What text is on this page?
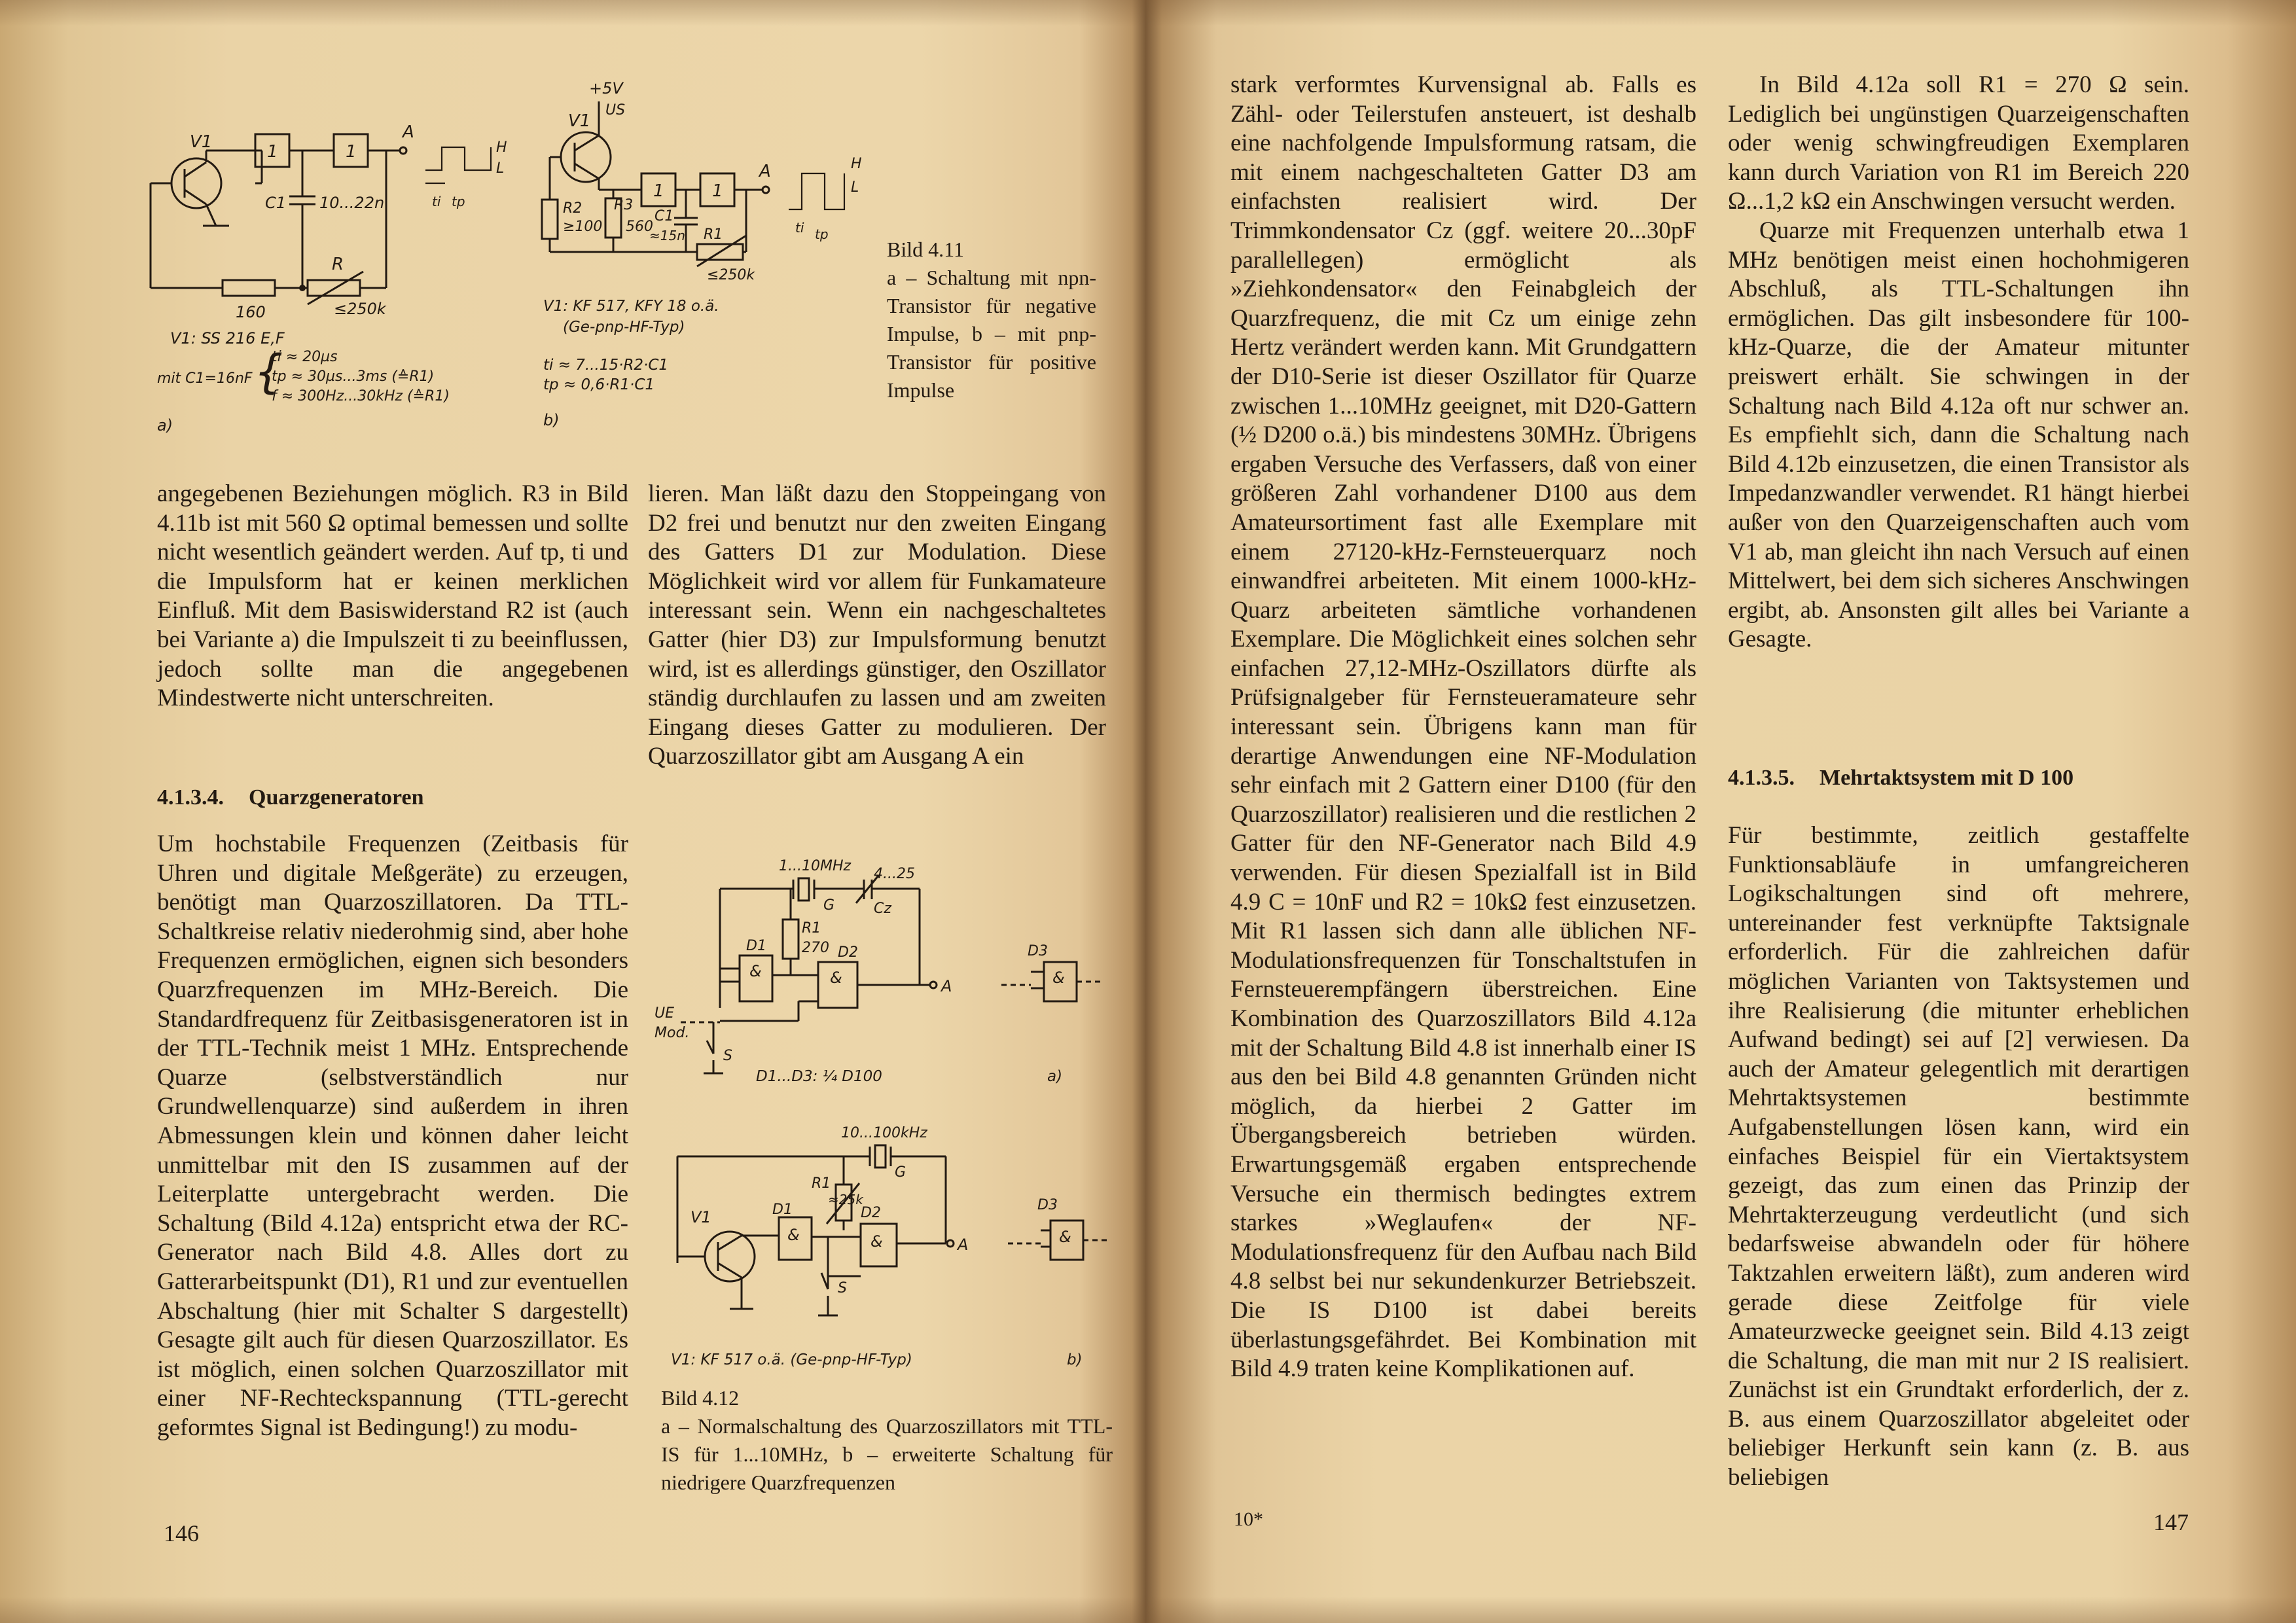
V1	1	1
A
C1 10...22n
R
≤250k
160
H
L
ti tp
V1: SS 216 E,F
mit C1=16nF {
ti ≈ 20µs
tp ≈ 30µs...3ms (≙R1)
f ≈ 300Hz...30kHz (≙R1)
a)
+5V
US
V1
R2
≥100
R3
560
1	1
A
C1
≈15n R1
≤250k
H
L
ti tp
V1: KF 517, KFY 18 o.ä.
(Ge-pnp-HF-Typ)
ti ≈ 7...15·R2·C1
tp ≈ 0,6·R1·C1
b)
Bild 4.11
a – Schaltung mit npn-Transistor für negative Impulse, b – mit pnp-Transistor für positive Impulse

angegebenen Beziehungen möglich. R3 in Bild 4.11b ist mit 560 Ω optimal bemessen und sollte nicht wesentlich geändert werden. Auf tp, ti und die Impulsform hat er keinen merklichen Einfluß. Mit dem Basiswiderstand R2 ist (auch bei Variante a) die Impulszeit ti zu beeinflussen, jedoch sollte man die angegebenen Mindestwerte nicht unterschreiten.

4.1.3.4. Quarzgeneratoren

Um hochstabile Frequenzen (Zeitbasis für Uhren und digitale Meßgeräte) zu erzeugen, benötigt man Quarzoszillatoren. Da TTL-Schaltkreise relativ niederohmig sind, aber hohe Frequenzen ermöglichen, eignen sich besonders Quarzfrequenzen im MHz-Bereich. Die Standardfrequenz für Zeitbasisgeneratoren ist in der TTL-Technik meist 1 MHz. Entsprechende Quarze (selbstverständlich nur Grundwellenquarze) sind außerdem in ihren Abmessungen klein und können daher leicht unmittelbar mit den IS zusammen auf der Leiterplatte untergebracht werden. Die Schaltung (Bild 4.12a) entspricht etwa der RC-Generator nach Bild 4.8. Alles dort zu Gatterarbeitspunkt (D1), R1 und zur eventuellen Abschaltung (hier mit Schalter S dargestellt) Gesagte gilt auch für diesen Quarzoszillator. Es ist möglich, einen solchen Quarzoszillator mit einer NF-Rechteckspannung (TTL-gerecht geformtes Signal ist Bedingung!) zu modu-

lieren. Man läßt dazu den Stoppeingang von D2 frei und benutzt nur den zweiten Eingang des Gatters D1 zur Modulation. Diese Möglichkeit wird vor allem für Funkamateure interessant sein. Wenn ein nachgeschaltetes Gatter (hier D3) zur Impulsformung benutzt wird, ist es allerdings günstiger, den Oszillator ständig durchlaufen zu lassen und am zweiten Eingang dieses Gatter zu modulieren. Der Quarzoszillator gibt am Ausgang A ein

1...10MHz
G
4...25
Cz
D1
&
R1
270 D2
&	A
D3
&
UE
Mod.
S
D1...D3: ¼ D100	a)
10...100kHz
G
R1
≈25k
D1
&
D2
&	A
V1
S
D3
&
V1: KF 517 o.ä. (Ge-pnp-HF-Typ)	b)
Bild 4.12
a – Normalschaltung des Quarzoszillators mit TTL-IS für 1...10MHz, b – erweiterte Schaltung für niedrigere Quarzfrequenzen
146

stark verformtes Kurvensignal ab. Falls es Zähl- oder Teilerstufen ansteuert, ist deshalb eine nachfolgende Impulsformung ratsam, die mit einem nachgeschalteten Gatter D3 am einfachsten realisiert wird. Der Trimmkondensator Cz (ggf. weitere 20...30pF parallellegen) ermöglicht als »Ziehkondensator« den Feinabgleich der Quarzfrequenz, die mit Cz um einige zehn Hertz verändert werden kann. Mit Grundgattern der D10-Serie ist dieser Oszillator für Quarze zwischen 1...10MHz geeignet, mit D20-Gattern (½ D200 o.ä.) bis mindestens 30MHz. Übrigens ergaben Versuche des Verfassers, daß von einer größeren Zahl vorhandener D100 aus dem Amateursortiment fast alle Exemplare mit einem 27120-kHz-Fernsteuerquarz noch einwandfrei arbeiteten. Mit einem 1000-kHz-Quarz arbeiteten sämtliche vorhandenen Exemplare. Die Möglichkeit eines solchen sehr einfachen 27,12-MHz-Oszillators dürfte als Prüfsignalgeber für Fernsteueramateure sehr interessant sein. Übrigens kann man für derartige Anwendungen eine NF-Modulation sehr einfach mit 2 Gattern einer D100 (für den Quarzoszillator) realisieren und die restlichen 2 Gatter für den NF-Generator nach Bild 4.9 verwenden. Für diesen Spezialfall ist in Bild 4.9 C = 10nF und R2 = 10kΩ fest einzusetzen. Mit R1 lassen sich dann alle üblichen NF-Modulationsfrequenzen für Tonschaltstufen in Fernsteuerempfängern überstreichen. Eine Kombination des Quarzoszillators Bild 4.12a mit der Schaltung Bild 4.8 ist innerhalb einer IS aus den bei Bild 4.8 genannten Gründen nicht möglich, da hierbei 2 Gatter im Übergangsbereich betrieben würden. Erwartungsgemäß ergaben entsprechende Versuche ein thermisch bedingtes extrem starkes »Weglaufen« der NF-Modulationsfrequenz für den Aufbau nach Bild 4.8 selbst bei nur sekundenkurzer Betriebszeit. Die IS D100 ist dabei bereits überlastungsgefährdet. Bei Kombination mit Bild 4.9 traten keine Komplikationen auf.

In Bild 4.12a soll R1 = 270 Ω sein. Lediglich bei ungünstigen Quarzeigenschaften oder wenig schwingfreudigen Exemplaren kann durch Variation von R1 im Bereich 220 Ω...1,2 kΩ ein Anschwingen versucht werden.

Quarze mit Frequenzen unterhalb etwa 1 MHz benötigen meist einen hochohmigeren Abschluß, als TTL-Schaltungen ihn ermöglichen. Das gilt insbesondere für 100-kHz-Quarze, die der Amateur mitunter preiswert erhält. Sie schwingen in der Schaltung nach Bild 4.12a oft nur schwer an. Es empfiehlt sich, dann die Schaltung nach Bild 4.12b einzusetzen, die einen Transistor als Impedanzwandler verwendet. R1 hängt hierbei außer von den Quarzeigenschaften auch vom V1 ab, man gleicht ihn nach Versuch auf einen Mittelwert, bei dem sich sicheres Anschwingen ergibt, ab. Ansonsten gilt alles bei Variante a Gesagte.

4.1.3.5. Mehrtaktsystem mit D 100

Für bestimmte, zeitlich gestaffelte Funktionsabläufe in umfangreicheren Logikschaltungen sind oft mehrere, untereinander fest verknüpfte Taktsignale erforderlich. Für die zahlreichen dafür möglichen Varianten von Taktsystemen und ihre Realisierung (die mitunter erheblichen Aufwand bedingt) sei auf [2] verwiesen. Da auch der Amateur gelegentlich mit derartigen Mehrtaktsystemen bestimmte Aufgabenstellungen lösen kann, wird ein einfaches Beispiel für ein Viertaktsystem gezeigt, das zum einen das Prinzip der Mehrtakterzeugung verdeutlicht (und sich bedarfsweise abwandeln oder für höhere Taktzahlen erweitern läßt), zum anderen wird gerade diese Zeitfolge für viele Amateurzwecke geeignet sein. Bild 4.13 zeigt die Schaltung, die man mit nur 2 IS realisiert. Zunächst ist ein Grundtakt erforderlich, der z. B. aus einem Quarzoszillator abgeleitet oder beliebiger Herkunft sein kann (z. B. aus beliebigen

10*	147
